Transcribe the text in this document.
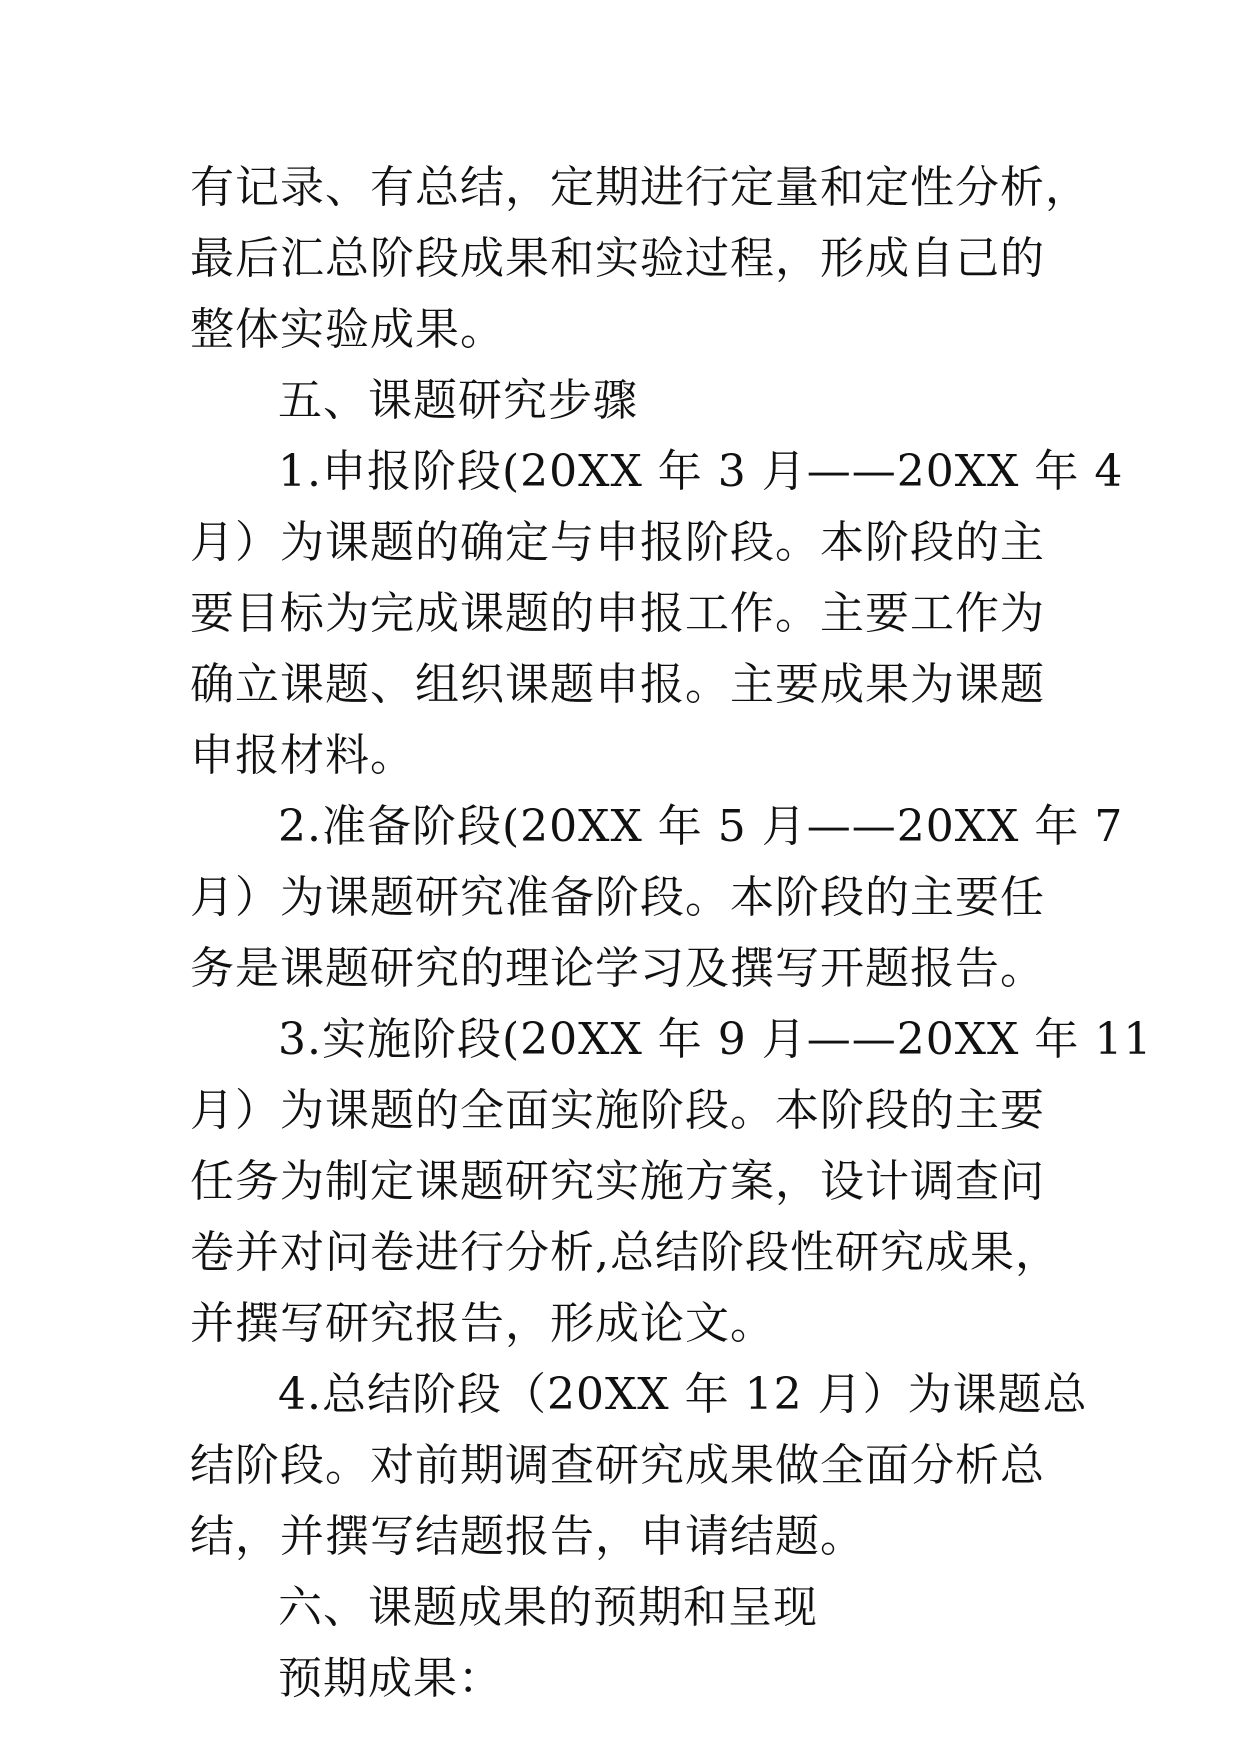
有记录、有总结，定期进行定量和定性分析，
最后汇总阶段成果和实验过程，形成自己的
整体实验成果。
五、课题研究步骤
1.申报阶段(20XX 年 3 月——20XX 年 4
月）为课题的确定与申报阶段。本阶段的主
要目标为完成课题的申报工作。主要工作为
确立课题、组织课题申报。主要成果为课题
申报材料。
2.准备阶段(20XX 年 5 月——20XX 年 7
月）为课题研究准备阶段。本阶段的主要任
务是课题研究的理论学习及撰写开题报告。
3.实施阶段(20XX 年 9 月——20XX 年 11
月）为课题的全面实施阶段。本阶段的主要
任务为制定课题研究实施方案，设计调查问
卷并对问卷进行分析,总结阶段性研究成果，
并撰写研究报告，形成论文。
4.总结阶段（20XX 年 12 月）为课题总
结阶段。对前期调查研究成果做全面分析总
结，并撰写结题报告，申请结题。
六、课题成果的预期和呈现
预期成果：
